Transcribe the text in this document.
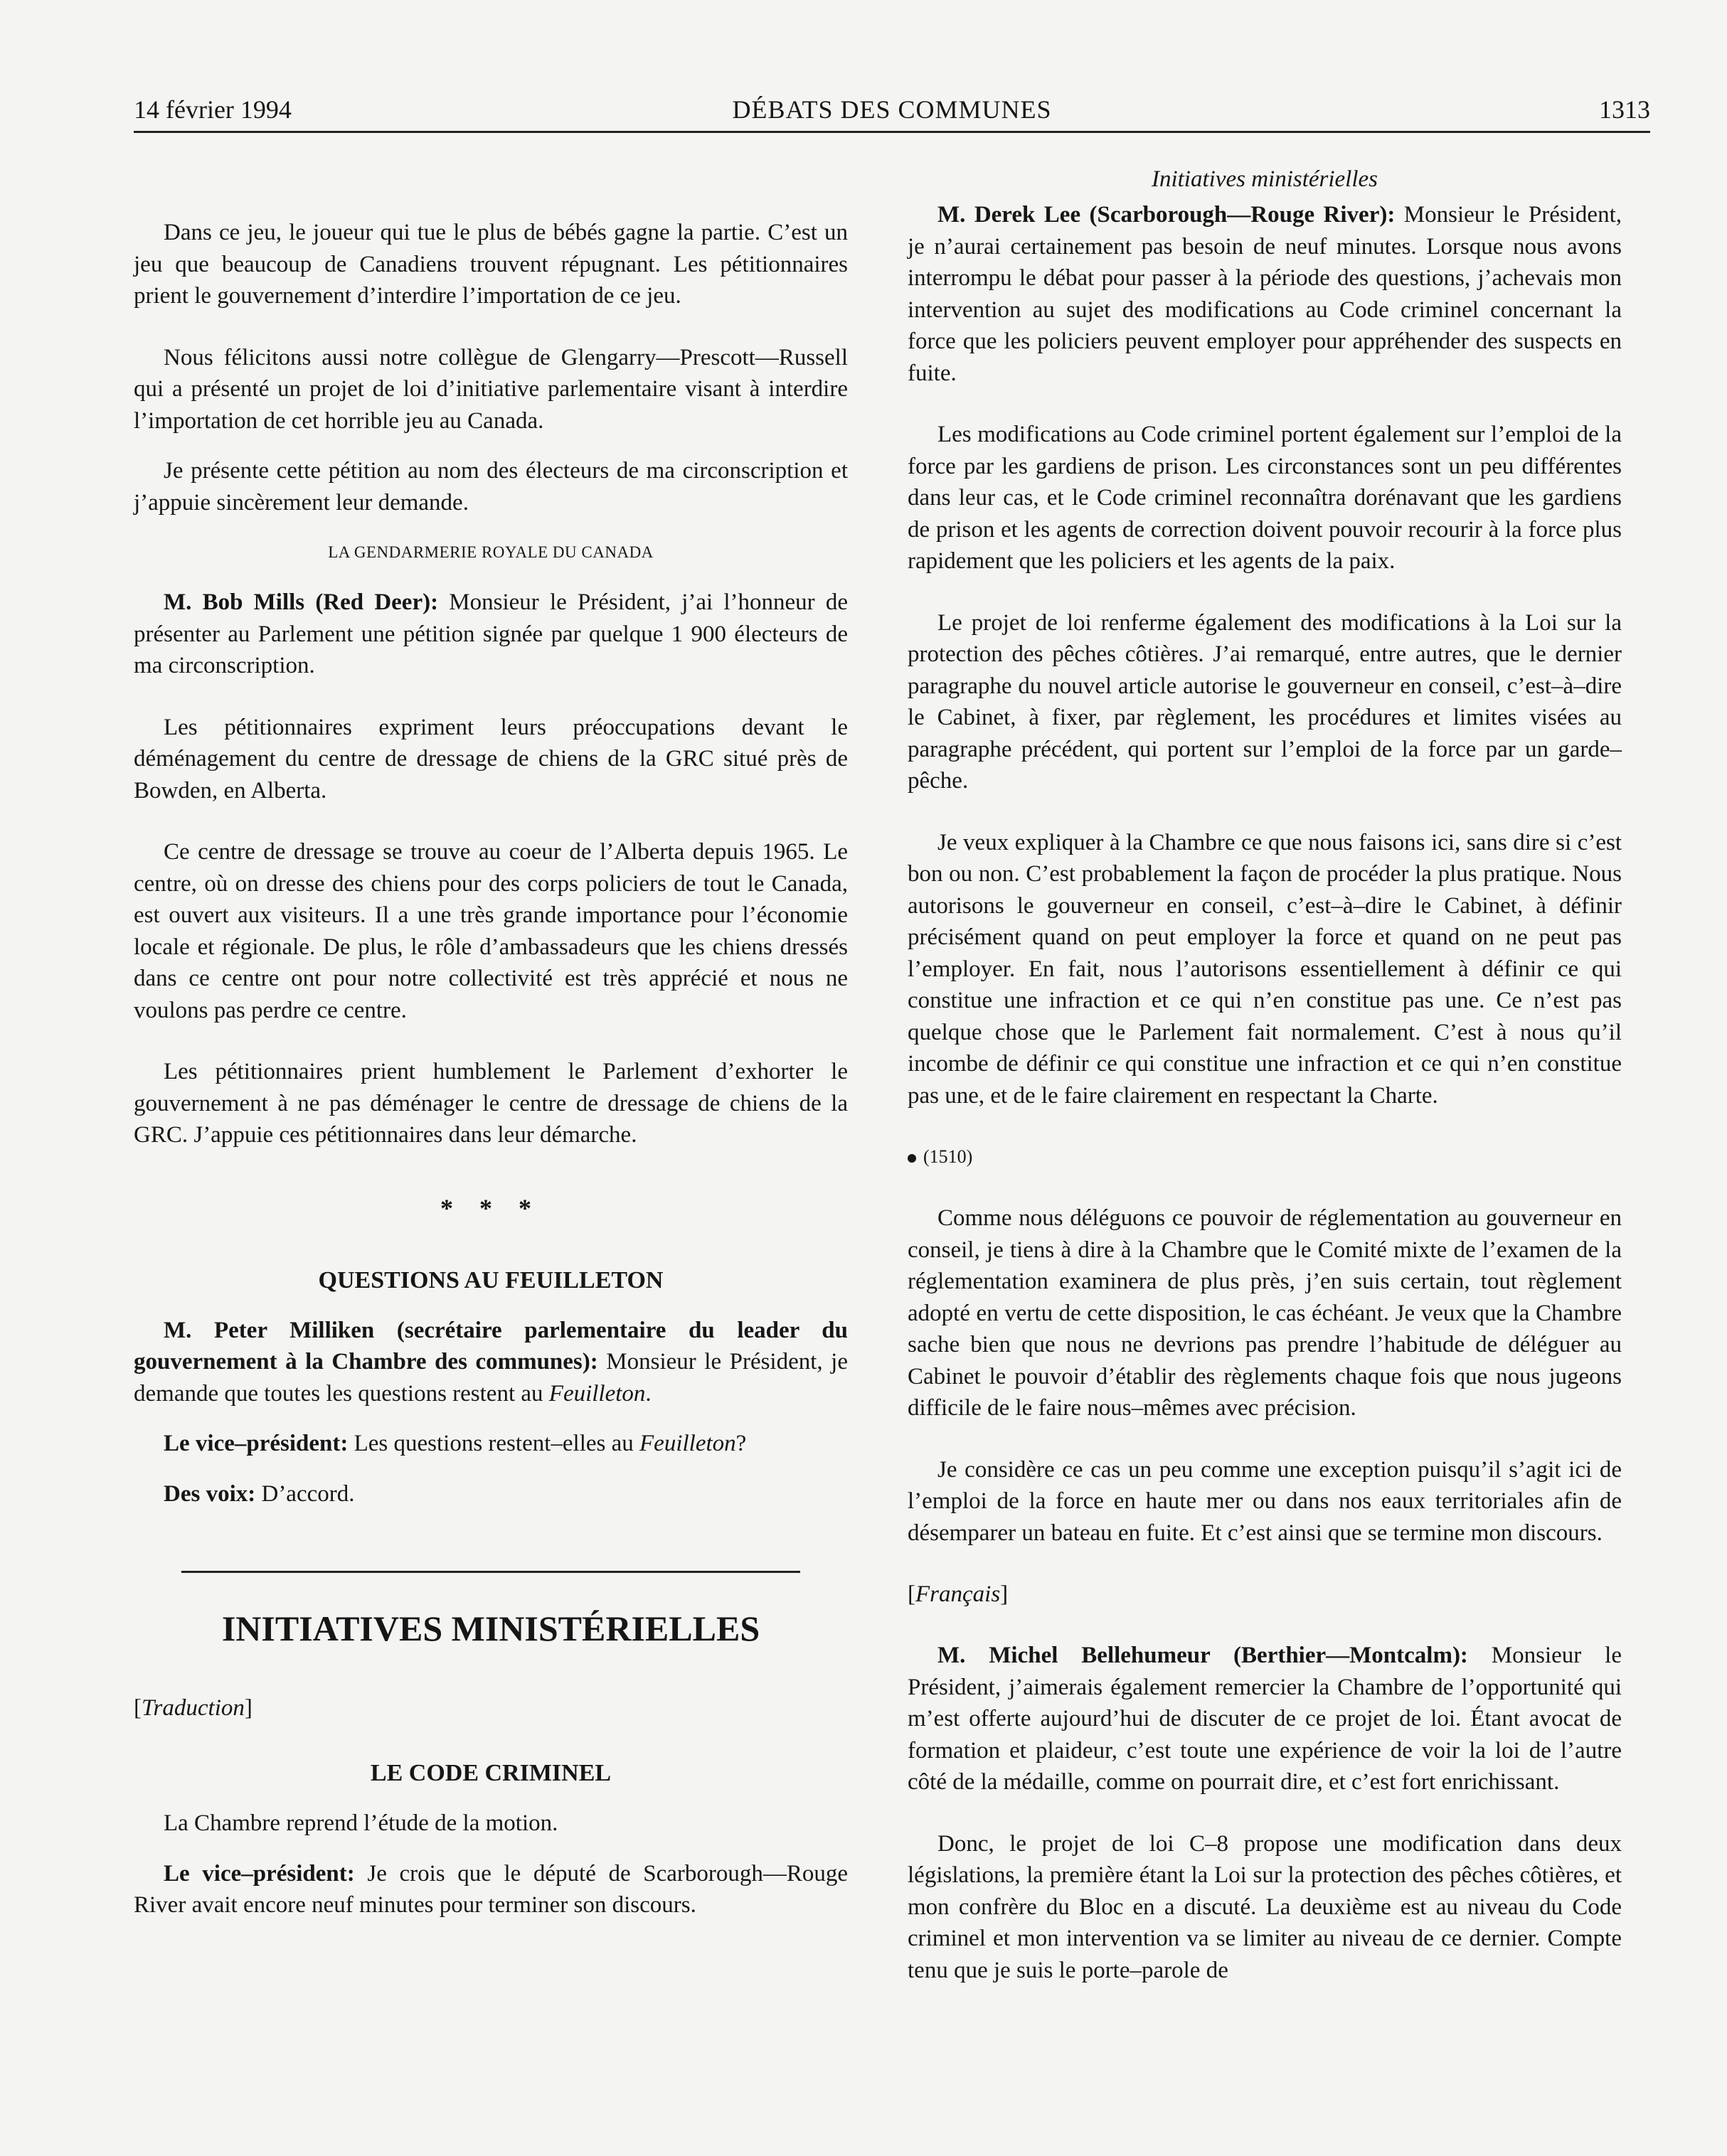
14 février 1994	DÉBATS DES COMMUNES	1313

Dans ce jeu, le joueur qui tue le plus de bébés gagne la partie. C’est un jeu que beaucoup de Canadiens trouvent répugnant. Les pétitionnaires prient le gouvernement d’interdire l’importation de ce jeu.

Nous félicitons aussi notre collègue de Glengarry—Prescott—Russell qui a présenté un projet de loi d’initiative parlementaire visant à interdire l’importation de cet horrible jeu au Canada.

Je présente cette pétition au nom des électeurs de ma circonscription et j’appuie sincèrement leur demande.

LA GENDARMERIE ROYALE DU CANADA

M. Bob Mills (Red Deer): Monsieur le Président, j’ai l’honneur de présenter au Parlement une pétition signée par quelque 1 900 électeurs de ma circonscription.

Les pétitionnaires expriment leurs préoccupations devant le déménagement du centre de dressage de chiens de la GRC situé près de Bowden, en Alberta.

Ce centre de dressage se trouve au coeur de l’Alberta depuis 1965. Le centre, où on dresse des chiens pour des corps policiers de tout le Canada, est ouvert aux visiteurs. Il a une très grande importance pour l’économie locale et régionale. De plus, le rôle d’ambassadeurs que les chiens dressés dans ce centre ont pour notre collectivité est très apprécié et nous ne voulons pas perdre ce centre.

Les pétitionnaires prient humblement le Parlement d’exhorter le gouvernement à ne pas déménager le centre de dressage de chiens de la GRC. J’appuie ces pétitionnaires dans leur démarche.

* * *
QUESTIONS AU FEUILLETON

M. Peter Milliken (secrétaire parlementaire du leader du gouvernement à la Chambre des communes): Monsieur le Président, je demande que toutes les questions restent au Feuilleton.

Le vice–président: Les questions restent–elles au Feuilleton?

Des voix: D’accord.

INITIATIVES MINISTÉRIELLES

[Traduction]

LE CODE CRIMINEL

La Chambre reprend l’étude de la motion.

Le vice–président: Je crois que le député de Scarborough—Rouge River avait encore neuf minutes pour terminer son discours.

Initiatives ministérielles

M. Derek Lee (Scarborough—Rouge River): Monsieur le Président, je n’aurai certainement pas besoin de neuf minutes. Lorsque nous avons interrompu le débat pour passer à la période des questions, j’achevais mon intervention au sujet des modifications au Code criminel concernant la force que les policiers peuvent employer pour appréhender des suspects en fuite.

Les modifications au Code criminel portent également sur l’emploi de la force par les gardiens de prison. Les circonstances sont un peu différentes dans leur cas, et le Code criminel reconnaîtra dorénavant que les gardiens de prison et les agents de correction doivent pouvoir recourir à la force plus rapidement que les policiers et les agents de la paix.

Le projet de loi renferme également des modifications à la Loi sur la protection des pêches côtières. J’ai remarqué, entre autres, que le dernier paragraphe du nouvel article autorise le gouverneur en conseil, c’est–à–dire le Cabinet, à fixer, par règlement, les procédures et limites visées au paragraphe précédent, qui portent sur l’emploi de la force par un garde–pêche.

Je veux expliquer à la Chambre ce que nous faisons ici, sans dire si c’est bon ou non. C’est probablement la façon de procéder la plus pratique. Nous autorisons le gouverneur en conseil, c’est–à–dire le Cabinet, à définir précisément quand on peut employer la force et quand on ne peut pas l’employer. En fait, nous l’autorisons essentiellement à définir ce qui constitue une infraction et ce qui n’en constitue pas une. Ce n’est pas quelque chose que le Parlement fait normalement. C’est à nous qu’il incombe de définir ce qui constitue une infraction et ce qui n’en constitue pas une, et de le faire clairement en respectant la Charte.

(1510)

Comme nous déléguons ce pouvoir de réglementation au gouverneur en conseil, je tiens à dire à la Chambre que le Comité mixte de l’examen de la réglementation examinera de plus près, j’en suis certain, tout règlement adopté en vertu de cette disposition, le cas échéant. Je veux que la Chambre sache bien que nous ne devrions pas prendre l’habitude de déléguer au Cabinet le pouvoir d’établir des règlements chaque fois que nous jugeons difficile de le faire nous–mêmes avec précision.

Je considère ce cas un peu comme une exception puisqu’il s’agit ici de l’emploi de la force en haute mer ou dans nos eaux territoriales afin de désemparer un bateau en fuite. Et c’est ainsi que se termine mon discours.

[Français]

M. Michel Bellehumeur (Berthier—Montcalm): Monsieur le Président, j’aimerais également remercier la Chambre de l’opportunité qui m’est offerte aujourd’hui de discuter de ce projet de loi. Étant avocat de formation et plaideur, c’est toute une expérience de voir la loi de l’autre côté de la médaille, comme on pourrait dire, et c’est fort enrichissant.

Donc, le projet de loi C–8 propose une modification dans deux législations, la première étant la Loi sur la protection des pêches côtières, et mon confrère du Bloc en a discuté. La deuxième est au niveau du Code criminel et mon intervention va se limiter au niveau de ce dernier. Compte tenu que je suis le porte–parole de
